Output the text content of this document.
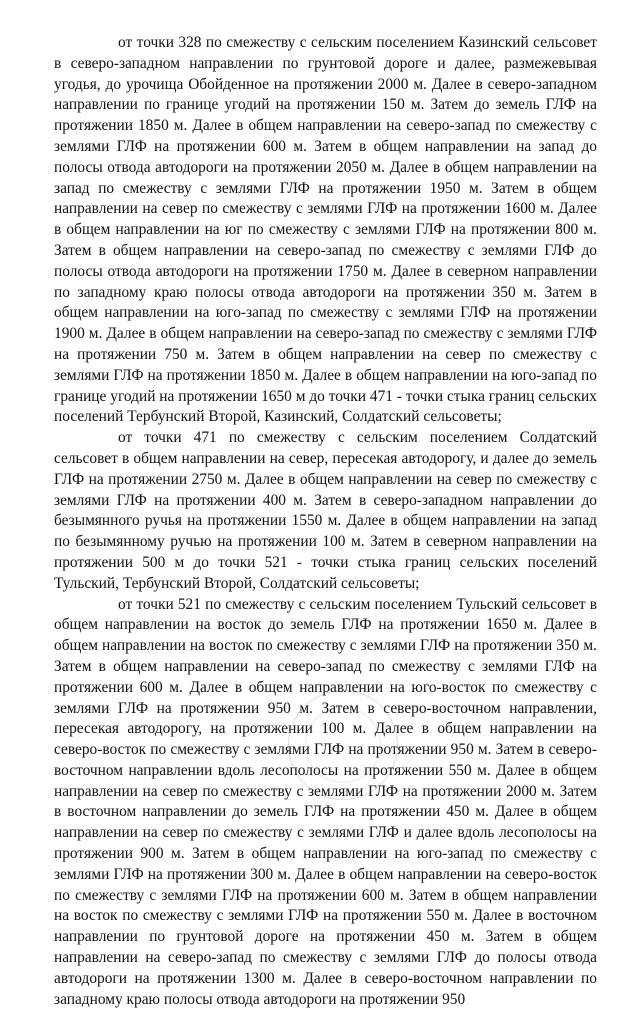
от точки 328 по смежеству с сельским поселением Казинский сельсовет в северо-западном направлении по грунтовой дороге и далее, размежевывая угодья, до урочища Обойденное на протяжении 2000 м. Далее в северо-западном направлении по границе угодий на протяжении 150 м. Затем до земель ГЛФ на протяжении 1850 м. Далее в общем направлении на северо-запад по смежеству с землями ГЛФ на протяжении 600 м. Затем в общем направлении на запад до полосы отвода автодороги на протяжении 2050 м. Далее в общем направлении на запад по смежеству с землями ГЛФ на протяжении 1950 м. Затем в общем направлении на север по смежеству с землями ГЛФ на протяжении 1600 м. Далее в общем направлении на юг по смежеству с землями ГЛФ на протяжении 800 м. Затем в общем направлении на северо-запад по смежеству с землями ГЛФ до полосы отвода автодороги на протяжении 1750 м. Далее в северном направлении по западному краю полосы отвода автодороги на протяжении 350 м. Затем в общем направлении на юго-запад по смежеству с землями ГЛФ на протяжении 1900 м. Далее в общем направлении на северо-запад по смежеству с землями ГЛФ на протяжении 750 м. Затем в общем направлении на север по смежеству с землями ГЛФ на протяжении 1850 м. Далее в общем направлении на юго-запад по границе угодий на протяжении 1650 м до точки 471 - точки стыка границ сельских поселений Тербунский Второй, Казинский, Солдатский сельсоветы;

от точки 471 по смежеству с сельским поселением Солдатский сельсовет в общем направлении на север, пересекая автодорогу, и далее до земель ГЛФ на протяжении 2750 м. Далее в общем направлении на север по смежеству с землями ГЛФ на протяжении 400 м. Затем в северо-западном направлении до безымянного ручья на протяжении 1550 м. Далее в общем направлении на запад по безымянному ручью на протяжении 100 м. Затем в северном направлении на протяжении 500 м до точки 521 - точки стыка границ сельских поселений Тульский, Тербунский Второй, Солдатский сельсоветы;

от точки 521 по смежеству с сельским поселением Тульский сельсовет в общем направлении на восток до земель ГЛФ на протяжении 1650 м. Далее в общем направлении на восток по смежеству с землями ГЛФ на протяжении 350 м. Затем в общем направлении на северо-запад по смежеству с землями ГЛФ на протяжении 600 м. Далее в общем направлении на юго-восток по смежеству с землями ГЛФ на протяжении 950 м. Затем в северо-восточном направлении, пересекая автодорогу, на протяжении 100 м. Далее в общем направлении на северо-восток по смежеству с землями ГЛФ на протяжении 950 м. Затем в северо-восточном направлении вдоль лесополосы на протяжении 550 м. Далее в общем направлении на север по смежеству с землями ГЛФ на протяжении 2000 м. Затем в восточном направлении до земель ГЛФ на протяжении 450 м. Далее в общем направлении на север по смежеству с землями ГЛФ и далее вдоль лесополосы на протяжении 900 м. Затем в общем направлении на юго-запад по смежеству с землями ГЛФ на протяжении 300 м. Далее в общем направлении на северо-восток по смежеству с землями ГЛФ на протяжении 600 м. Затем в общем направлении на восток по смежеству с землями ГЛФ на протяжении 550 м. Далее в восточном направлении по грунтовой дороге на протяжении 450 м. Затем в общем направлении на северо-запад по смежеству с землями ГЛФ до полосы отвода автодороги на протяжении 1300 м. Далее в северо-восточном направлении по западному краю полосы отвода автодороги на протяжении 950
